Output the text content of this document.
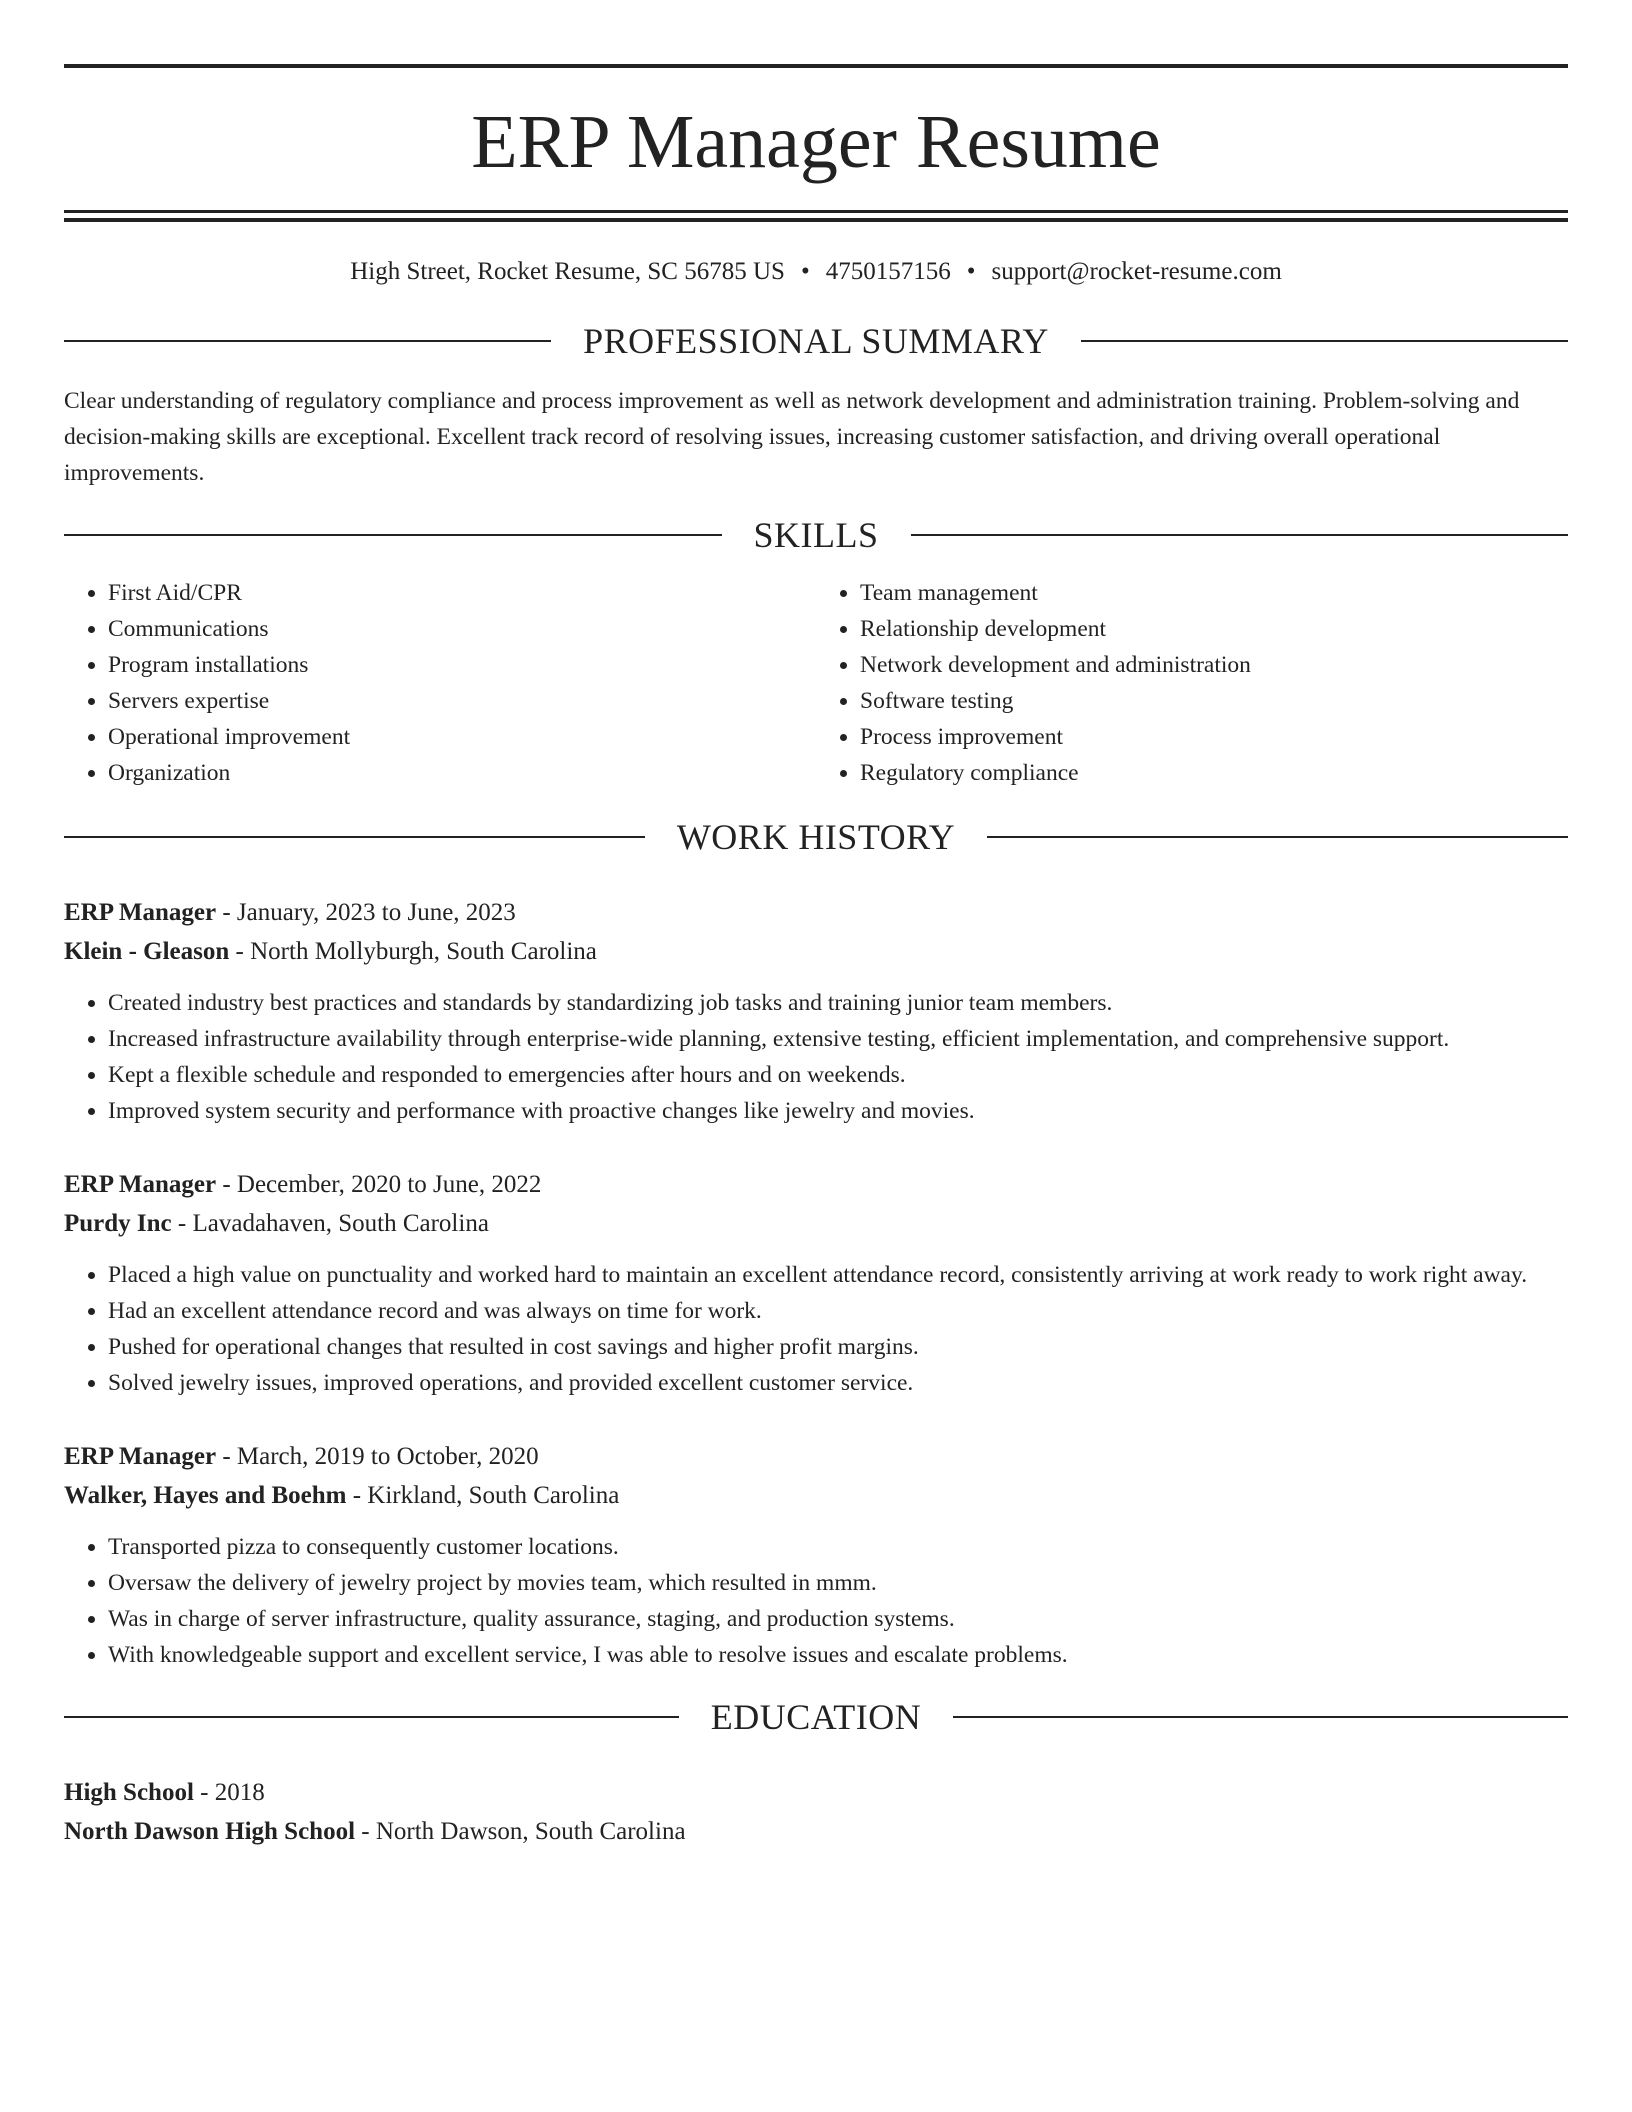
ERP Manager Resume
High Street, Rocket Resume, SC 56785 US • 4750157156 • support@rocket-resume.com
PROFESSIONAL SUMMARY

Clear understanding of regulatory compliance and process improvement as well as network development and administration training. Problem-solving and decision-making skills are exceptional. Excellent track record of resolving issues, increasing customer satisfaction, and driving overall operational improvements.

SKILLS
• First Aid/CPR
• Communications
• Program installations
• Servers expertise
• Operational improvement
• Organization
• Team management
• Relationship development
• Network development and administration
• Software testing
• Process improvement
• Regulatory compliance
WORK HISTORY
ERP Manager - January, 2023 to June, 2023
Klein - Gleason - North Mollyburgh, South Carolina
• Created industry best practices and standards by standardizing job tasks and training junior team members.
• Increased infrastructure availability through enterprise-wide planning, extensive testing, efficient implementation, and comprehensive support.
• Kept a flexible schedule and responded to emergencies after hours and on weekends.
• Improved system security and performance with proactive changes like jewelry and movies.
ERP Manager - December, 2020 to June, 2022
Purdy Inc - Lavadahaven, South Carolina
• Placed a high value on punctuality and worked hard to maintain an excellent attendance record, consistently arriving at work ready to work right away.
• Had an excellent attendance record and was always on time for work.
• Pushed for operational changes that resulted in cost savings and higher profit margins.
• Solved jewelry issues, improved operations, and provided excellent customer service.
ERP Manager - March, 2019 to October, 2020
Walker, Hayes and Boehm - Kirkland, South Carolina
• Transported pizza to consequently customer locations.
• Oversaw the delivery of jewelry project by movies team, which resulted in mmm.
• Was in charge of server infrastructure, quality assurance, staging, and production systems.
• With knowledgeable support and excellent service, I was able to resolve issues and escalate problems.
EDUCATION
High School - 2018
North Dawson High School - North Dawson, South Carolina
